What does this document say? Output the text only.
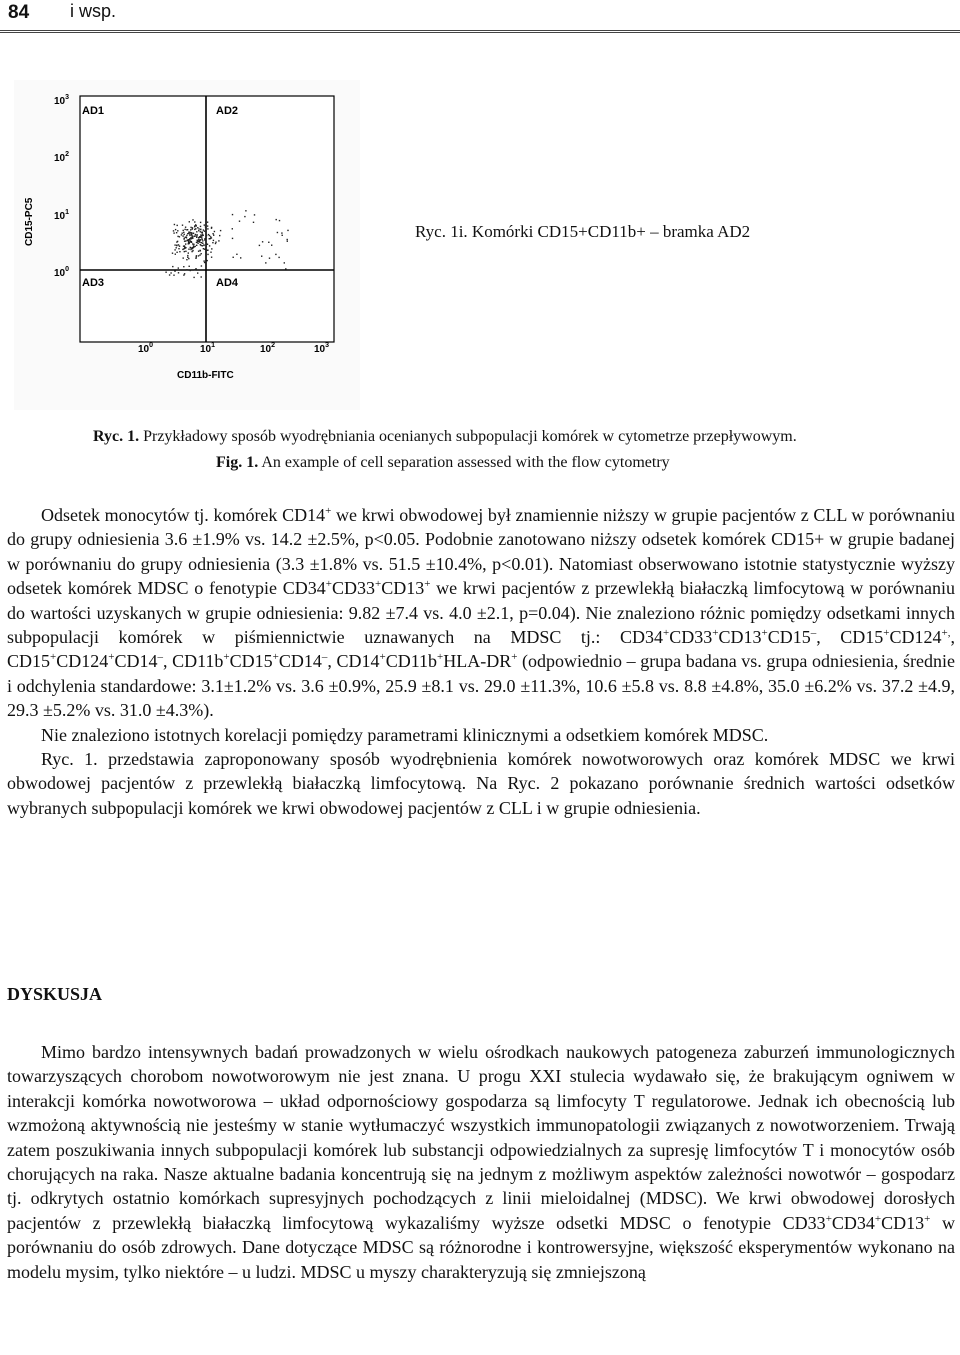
84 i wsp.
CD15-PC5
CD11b-FITC
$10^3$
$10^2$
$10^1$
$10^0$
$10^0$	$10^1$	$10^2$	$10^3$
AD1	AD2
AD3	AD4
Ryc. 1i. Komórki CD15+CD11b+ – bramka AD2
Ryc. 1. Przykładowy sposób wyodrębniania ocenianych subpopulacji komórek w cytometrze przepływowym.
Fig. 1. An example of cell separation assessed with the flow cytometry

Odsetek monocytów tj. komórek CD14+ we krwi obwodowej był znamiennie niższy w grupie pacjentów z CLL w porównaniu do grupy odniesienia 3.6 ±1.9% vs. 14.2 ±2.5%, p<0.05. Podobnie zanotowano niższy odsetek komórek CD15+ w grupie badanej w porównaniu do grupy odniesienia (3.3 ±1.8% vs. 51.5 ±10.4%, p<0.01). Natomiast obserwowano istotnie statystycznie wyższy odsetek komórek MDSC o fenotypie CD34+CD33+CD13+ we krwi pacjentów z przewlekłą białaczką limfocytową w porównaniu do wartości uzyskanych w grupie odniesienia: 9.82 ±7.4 vs. 4.0 ±2.1, p=0.04). Nie znaleziono różnic pomiędzy odsetkami innych subpopulacji komórek w piśmiennictwie uznawanych na MDSC tj.: CD34+CD33+CD13+CD15–, CD15+CD124+,, CD15+CD124+CD14–, CD11b+CD15+CD14–, CD14+CD11b+HLA-DR+ (odpowiednio – grupa badana vs. grupa odniesienia, średnie i odchylenia standardowe: 3.1±1.2% vs. 3.6 ±0.9%, 25.9 ±8.1 vs. 29.0 ±11.3%, 10.6 ±5.8 vs. 8.8 ±4.8%, 35.0 ±6.2% vs. 37.2 ±4.9, 29.3 ±5.2% vs. 31.0 ±4.3%).

Nie znaleziono istotnych korelacji pomiędzy parametrami klinicznymi a odsetkiem komórek MDSC.

Ryc. 1. przedstawia zaproponowany sposób wyodrębnienia komórek nowotworowych oraz komórek MDSC we krwi obwodowej pacjentów z przewlekłą białaczką limfocytową. Na Ryc. 2 pokazano porównanie średnich wartości odsetków wybranych subpopulacji komórek we krwi obwodowej pacjentów z CLL i w grupie odniesienia.

DYSKUSJA

Mimo bardzo intensywnych badań prowadzonych w wielu ośrodkach naukowych patogeneza zaburzeń immunologicznych towarzyszących chorobom nowotworowym nie jest znana. U progu XXI stulecia wydawało się, że brakującym ogniwem w interakcji komórka nowotworowa – układ odpornościowy gospodarza są limfocyty T regulatorowe. Jednak ich obecnością lub wzmożoną aktywnością nie jesteśmy w stanie wytłumaczyć wszystkich immunopatologii związanych z nowotworzeniem. Trwają zatem poszukiwania innych subpopulacji komórek lub substancji odpowiedzialnych za supresję limfocytów T i monocytów osób chorujących na raka. Nasze aktualne badania koncentrują się na jednym z możliwym aspektów zależności nowotwór – gospodarz tj. odkrytych ostatnio komórkach supresyjnych pochodzących z linii mieloidalnej (MDSC). We krwi obwodowej dorosłych pacjentów z przewlekłą białaczką limfocytową wykazaliśmy wyższe odsetki MDSC o fenotypie CD33+CD34+CD13+ w porównaniu do osób zdrowych. Dane dotyczące MDSC są różnorodne i kontrowersyjne, większość eksperymentów wykonano na modelu mysim, tylko niektóre – u ludzi. MDSC u myszy charakteryzują się zmniejszoną
